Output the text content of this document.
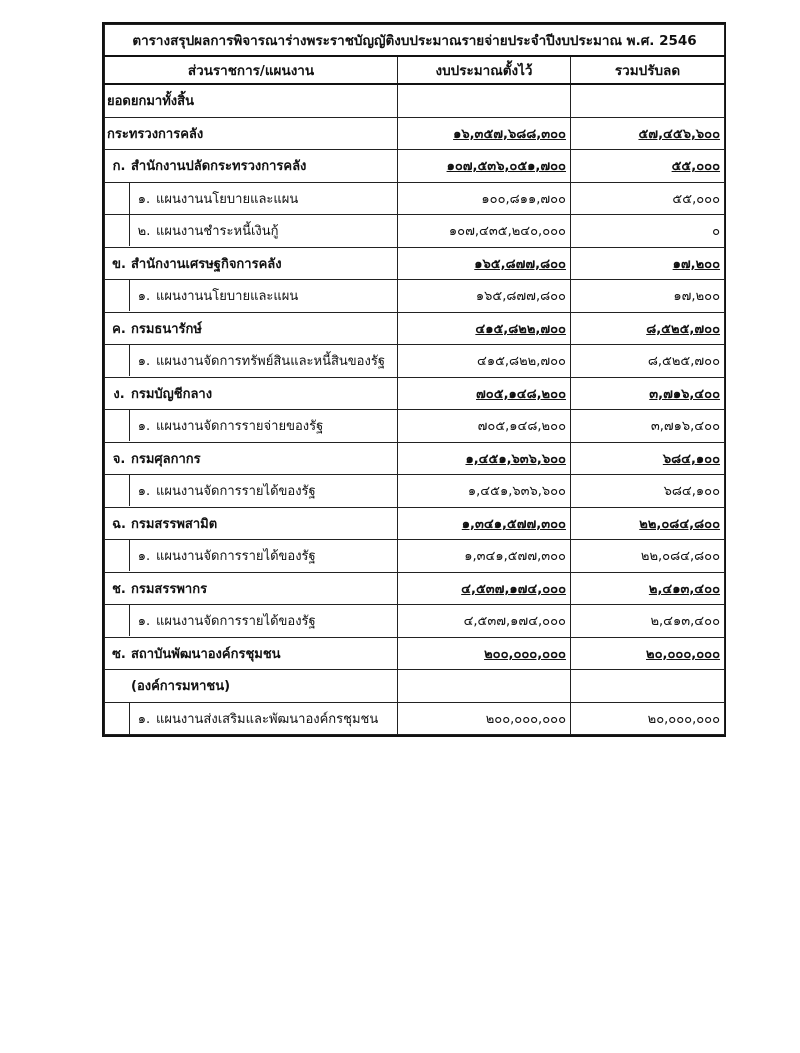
ตารางสรุปผลการพิจารณาร่างพระราชบัญญัติงบประมาณรายจ่ายประจำปีงบประมาณ พ.ศ. 2546		
ส่วนราชการ/แผนงาน	งบประมาณตั้งไว้	รวมปรับลด

ยอดยกมาทั้งสิ้น		

กระทรวงการคลัง	๑๖,๓๕๗,๖๘๘,๓๐๐	๕๗,๔๕๖,๖๐๐

ก. สำนักงานปลัดกระทรวงการคลัง	๑๐๗,๕๓๖,๐๕๑,๗๐๐	๕๕,๐๐๐

๑. แผนงานนโยบายและแผน	๑๐๐,๘๑๑,๗๐๐	๕๕,๐๐๐

๒. แผนงานชำระหนี้เงินกู้	๑๐๗,๔๓๕,๒๔๐,๐๐๐	๐

ข. สำนักงานเศรษฐกิจการคลัง	๑๖๕,๘๗๗,๘๐๐	๑๗,๒๐๐

๑. แผนงานนโยบายและแผน	๑๖๕,๘๗๗,๘๐๐	๑๗,๒๐๐

ค. กรมธนารักษ์	๔๑๕,๘๒๒,๗๐๐	๘,๕๒๕,๗๐๐

๑. แผนงานจัดการทรัพย์สินและหนี้สินของรัฐ	๔๑๕,๘๒๒,๗๐๐	๘,๕๒๕,๗๐๐

ง. กรมบัญชีกลาง	๗๐๕,๑๔๘,๒๐๐	๓,๗๑๖,๔๐๐

๑. แผนงานจัดการรายจ่ายของรัฐ	๗๐๕,๑๔๘,๒๐๐	๓,๗๑๖,๔๐๐

จ. กรมศุลกากร	๑,๔๕๑,๖๓๖,๖๐๐	๖๘๔,๑๐๐

๑. แผนงานจัดการรายได้ของรัฐ	๑,๔๕๑,๖๓๖,๖๐๐	๖๘๔,๑๐๐

ฉ. กรมสรรพสามิต	๑,๓๔๑,๕๗๗,๓๐๐	๒๒,๐๘๔,๘๐๐

๑. แผนงานจัดการรายได้ของรัฐ	๑,๓๔๑,๕๗๗,๓๐๐	๒๒,๐๘๔,๘๐๐

ช. กรมสรรพากร	๔,๕๓๗,๑๗๔,๐๐๐	๒,๔๑๓,๔๐๐

๑. แผนงานจัดการรายได้ของรัฐ	๔,๕๓๗,๑๗๔,๐๐๐	๒,๔๑๓,๔๐๐

ซ. สถาบันพัฒนาองค์กรชุมชน	๒๐๐,๐๐๐,๐๐๐	๒๐,๐๐๐,๐๐๐

(องค์การมหาชน)		

๑. แผนงานส่งเสริมและพัฒนาองค์กรชุมชน	๒๐๐,๐๐๐,๐๐๐	๒๐,๐๐๐,๐๐๐
